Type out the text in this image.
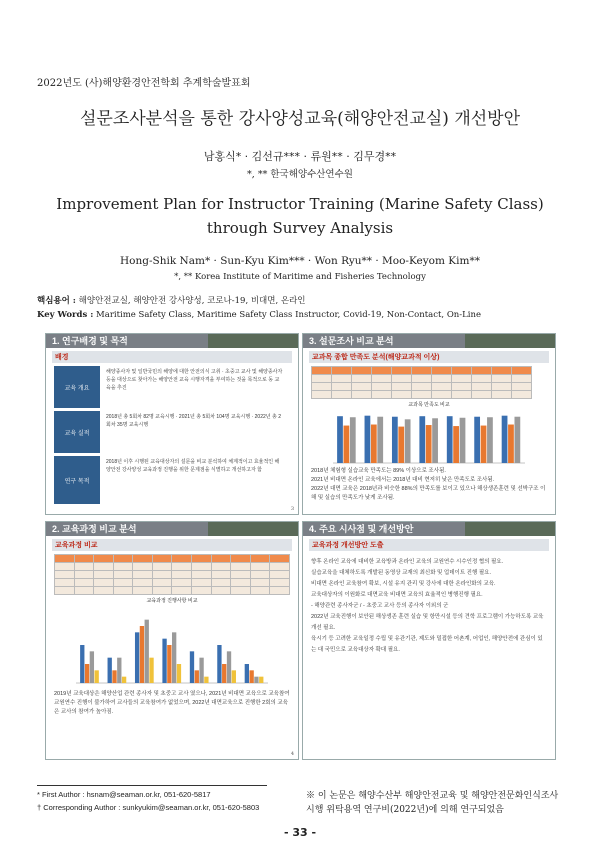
2022년도 (사)해양환경안전학회 추계학술발표회
설문조사분석을 통한 강사양성교육(해양안전교실) 개선방안
남홍식* · 김선규*** · 류원** · 김무경**
*, ** 한국해양수산연수원
Improvement Plan for Instructor Training (Marine Safety Class) through Survey Analysis
Hong-Shik Nam* · Sun-Kyu Kim*** · Won Ryu** · Moo-Keyom Kim**
*, ** Korea Institute of Maritime and Fisheries Technology
핵심용어 : 해양안전교실, 해양안전 강사양성, 코로나-19, 비대면, 온라인
Key Words : Maritime Safety Class, Maritime Safety Class Instructor, Covid-19, Non-Contact, On-Line
1. 연구배경 및 목적
배경
교육 개요
해양종사자 및 일반국민의 해양에 대한 안전의식 고취 · 초중고 교사 및 해양종사자 등을 대상으로 찾아가는 해양안전 교육 시행자격을 부여하는 것을 목적으로 동 교육을 추진
교육 실적
2018년 총 5회차 82명 교육시행 · 2021년 총 5회차 104명 교육시행 · 2022년 총 2회차 35명 교육시행
연구 목적
2018년 이후 시행된 교육대상자의 설문을 비교 분석하여 체계적이고 효율적인 해양안전 강사양성 교육과정 진행을 위한 문제점을 식별하고 개선하고자 함
3
3. 설문조사 비교 분석
교과목 종합 만족도 분석(해양교과적 이상)

교과목 만족도 비교
2018년 체험형 실습교육 만족도는 89% 이상으로 조사됨.
2021년 비대면 온라인 교육에서는 2018년 대비 현저히 낮은 만족도로 조사됨.
2022년 대면 교육은 2018년과 비슷한 88%의 만족도를 보이고 있으나 해상생존훈련 및 선박구조 이해 및 실습의 만족도가 낮게 조사됨.
2. 교육과정 비교 분석
교육과정 비교

교육과정 진행사항 비교
2019년 교육대상은 해양산업 관련 종사자 및 초중고 교사 였으나, 2021년 비대면 교육으로 교육참여 교원연수 진행이 불가하여 교사들의 교육참여가 없었으며, 2022년 대면교육으로 진행한 2회의 교육은 교사의 참여가 높아짐.
4
4. 주요 시사점 및 개선방안
교육과정 개선방안 도출
향후 온라인 교육에 대비한 교육방과 온라인 교육의 교원연수 시수인정 협의 필요.
실습교육을 대체하도록 개발된 동영상 교재의 최신화 및 업데이트 진행 필요.
비대면 온라인 교육참여 확보, 시설 유지 관리 및 강사에 대한 온라인화의 교육.
교육대상자의 이원화로 대면교육 비대면 교육의 효율적인 병행진행 필요.
- 해양관련 종사자군 / - 초중고 교사 등의 종사자 이외의 군
2022년 교육진행이 보안된 해상생존 훈련 실습 및 항만시설 등의 견학 프로그램이 가능하도록 교육개선 필요.
육시기 등 고려한 교육일정 수립 및 유관기관, 제도와 밀접한 어촌계, 어업인, 해양안전에 관심이 있는 대 국민으로 교육대상자 확대 필요.
* First Author : hsnam@seaman.or.kr, 051-620-5817
† Corresponding Author : sunkyukim@seaman.or.kr, 051-620-5803
※ 이 논문은 해양수산부 해양안전교육 및 해양안전문화인식조사 시행 위탁용역 연구비(2022년)에 의해 연구되었음
- 33 -
